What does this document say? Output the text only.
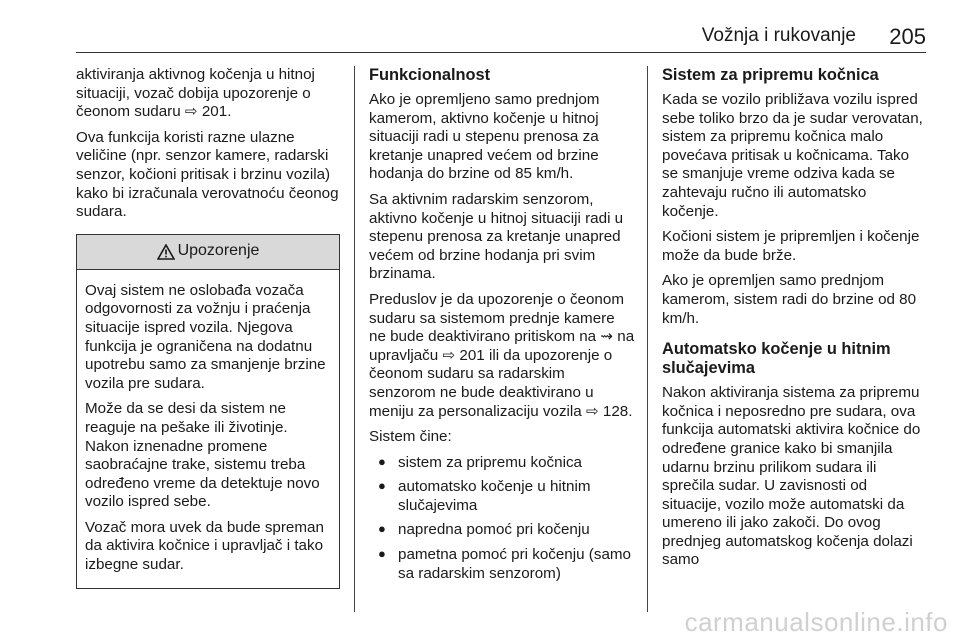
Vožnja i rukovanje 205

aktiviranja aktivnog kočenja u hitnoj situaciji, vozač dobija upozorenje o čeonom sudaru ⇨ 201.

Ova funkcija koristi razne ulazne veličine (npr. senzor kamere, radarski senzor, kočioni pritisak i brzinu vozila) kako bi izračunala verovatnoću čeonog sudara.

Upozorenje

Ovaj sistem ne oslobađa vozača odgovornosti za vožnju i praćenja situacije ispred vozila. Njegova funkcija je ograničena na dodatnu upotrebu samo za smanjenje brzine vozila pre sudara.

Može da se desi da sistem ne reaguje na pešake ili životinje. Nakon iznenadne promene saobraćajne trake, sistemu treba određeno vreme da detektuje novo vozilo ispred sebe.

Vozač mora uvek da bude spreman da aktivira kočnice i upravljač i tako izbegne sudar.

Funkcionalnost

Ako je opremljeno samo prednjom kamerom, aktivno kočenje u hitnoj situaciji radi u stepenu prenosa za kretanje unapred većem od brzine hodanja do brzine od 85 km/h.

Sa aktivnim radarskim senzorom, aktivno kočenje u hitnoj situaciji radi u stepenu prenosa za kretanje unapred većem od brzine hodanja pri svim brzinama.

Preduslov je da upozorenje o čeonom sudaru sa sistemom prednje kamere ne bude deaktivirano pritiskom na ⇝ na upravljaču ⇨ 201 ili da upozorenje o čeonom sudaru sa radarskim senzorom ne bude deaktivirano u meniju za personalizaciju vozila ⇨ 128.

Sistem čine:

● sistem za pripremu kočnica
● automatsko kočenje u hitnim slučajevima
● napredna pomoć pri kočenju
● pametna pomoć pri kočenju (samo sa radarskim senzorom)
Sistem za pripremu kočnica

Kada se vozilo približava vozilu ispred sebe toliko brzo da je sudar verovatan, sistem za pripremu kočnica malo povećava pritisak u kočnicama. Tako se smanjuje vreme odziva kada se zahtevaju ručno ili automatsko kočenje.

Kočioni sistem je pripremljen i kočenje može da bude brže.

Ako je opremljen samo prednjom kamerom, sistem radi do brzine od 80 km/h.

Automatsko kočenje u hitnim slučajevima

Nakon aktiviranja sistema za pripremu kočnica i neposredno pre sudara, ova funkcija automatski aktivira kočnice do određene granice kako bi smanjila udarnu brzinu prilikom sudara ili sprečila sudar. U zavisnosti od situacije, vozilo može automatski da umereno ili jako zakoči. Do ovog prednjeg automatskog kočenja dolazi samo

carmanualsonline.info
